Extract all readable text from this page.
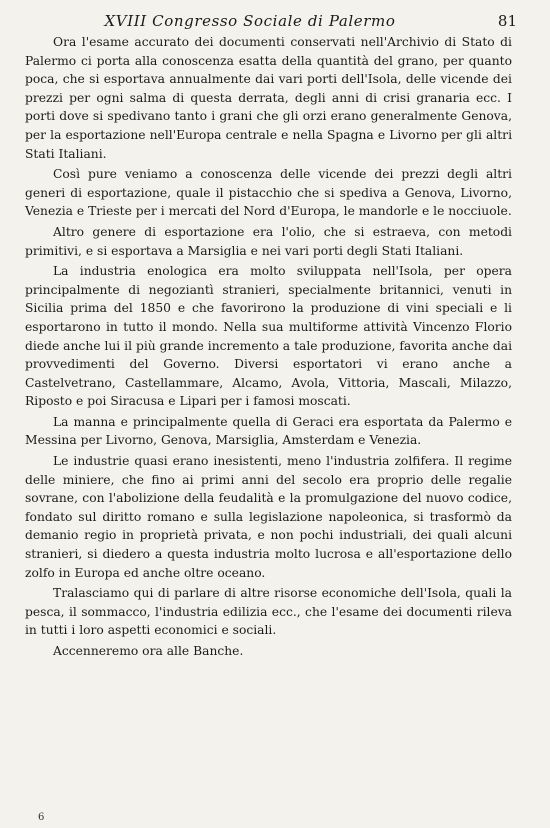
XVIII Congresso Sociale di Palermo	81

Ora l'esame accurato dei documenti conservati nell'Archivio di Stato di Palermo ci porta alla conoscenza esatta della quantità del grano, per quanto poca, che si esportava annualmente dai vari porti dell'Isola, delle vicende dei prezzi per ogni salma di questa derrata, degli anni di crisi granaria ecc. I porti dove si spedivano tanto i grani che gli orzi erano generalmente Genova, per la esportazione nell'Europa centrale e nella Spagna e Livorno per gli altri Stati Italiani.

Così pure veniamo a conoscenza delle vicende dei prezzi degli altri generi di esportazione, quale il pistacchio che si spediva a Genova, Livorno, Venezia e Trieste per i mercati del Nord d'Europa, le mandorle e le nocciuole.

Altro genere di esportazione era l'olio, che si estraeva, con metodi primitivi, e si esportava a Marsiglia e nei vari porti degli Stati Italiani.

La industria enologica era molto sviluppata nell'Isola, per opera principalmente di negoziantì stranieri, specialmente britannici, venuti in Sicilia prima del 1850 e che favorirono la produzione di vini speciali e li esportarono in tutto il mondo. Nella sua multiforme attività Vincenzo Florio diede anche lui il più grande incremento a tale produzione, favorita anche dai provvedimenti del Governo. Diversi esportatori vi erano anche a Castelvetrano, Castellammare, Alcamo, Avola, Vittoria, Mascali, Milazzo, Riposto e poi Siracusa e Lipari per i famosi moscati.

La manna e principalmente quella di Geraci era esportata da Palermo e Messina per Livorno, Genova, Marsiglia, Amsterdam e Venezia.

Le industrie quasi erano inesistenti, meno l'industria zolfifera. Il regime delle miniere, che fino ai primi anni del secolo era proprio delle regalie sovrane, con l'abolizione della feudalità e la promulgazione del nuovo codice, fondato sul diritto romano e sulla legislazione napoleonica, si trasformò da demanio regio in proprietà privata, e non pochi industriali, dei quali alcuni stranieri, si diedero a questa industria molto lucrosa e all'esportazione dello zolfo in Europa ed anche oltre oceano.

Tralasciamo qui di parlare di altre risorse economiche dell'Isola, quali la pesca, il sommacco, l'industria edilizia ecc., che l'esame dei documenti rileva in tutti i loro aspetti economici e sociali.

Accenneremo ora alle Banche.

6
